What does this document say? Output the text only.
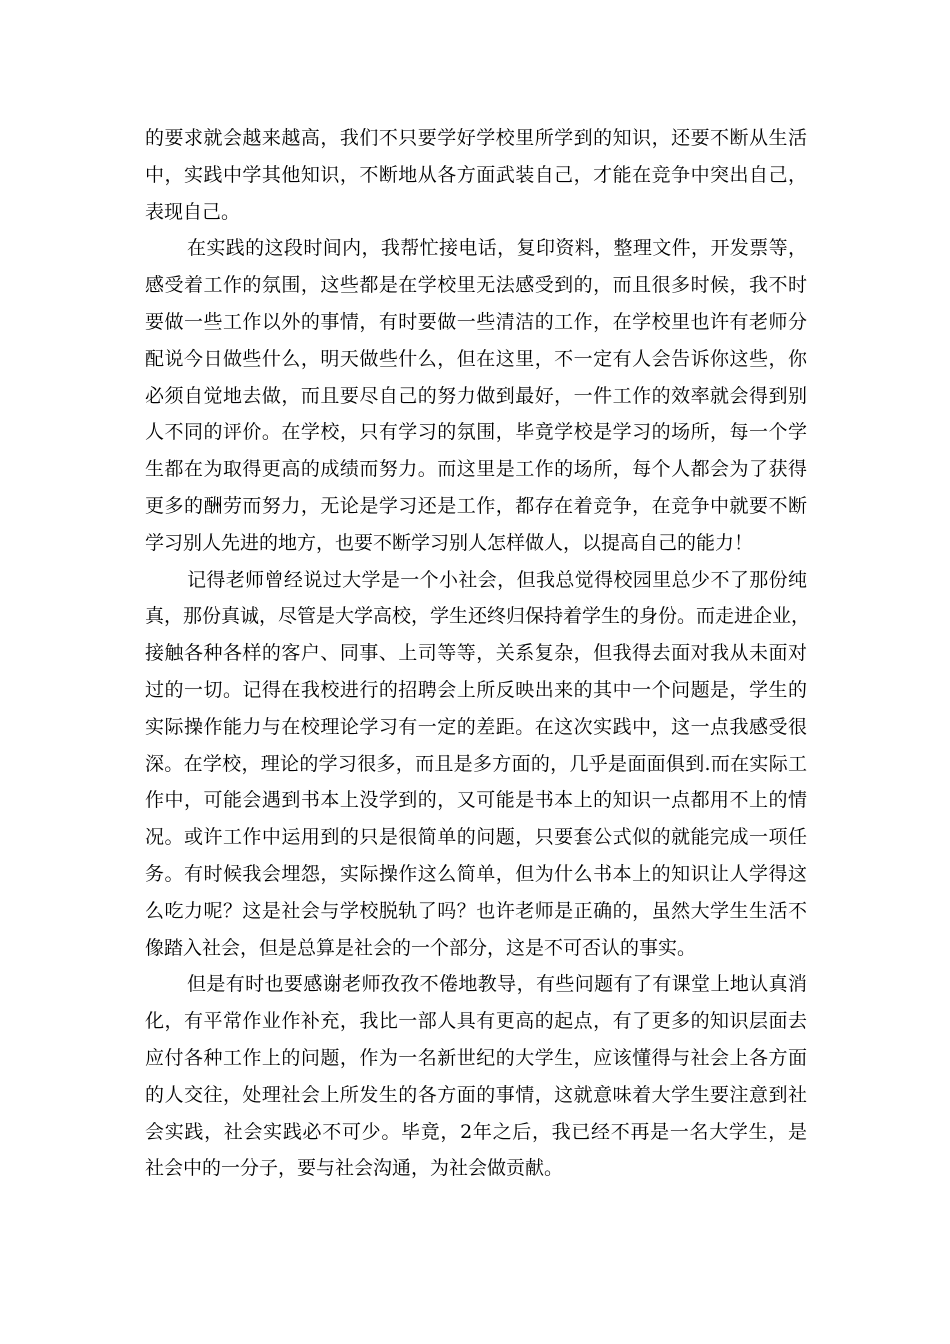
的要求就会越来越高，我们不只要学好学校里所学到的知识，还要不断从生活
中，实践中学其他知识，不断地从各方面武装自己，才能在竞争中突出自己，
表现自己。
在实践的这段时间内，我帮忙接电话，复印资料，整理文件，开发票等，
感受着工作的氛围，这些都是在学校里无法感受到的，而且很多时候，我不时
要做一些工作以外的事情，有时要做一些清洁的工作，在学校里也许有老师分
配说今日做些什么，明天做些什么，但在这里，不一定有人会告诉你这些，你
必须自觉地去做，而且要尽自己的努力做到最好，一件工作的效率就会得到别
人不同的评价。在学校，只有学习的氛围，毕竟学校是学习的场所，每一个学
生都在为取得更高的成绩而努力。而这里是工作的场所，每个人都会为了获得
更多的酬劳而努力，无论是学习还是工作，都存在着竞争，在竞争中就要不断
学习别人先进的地方，也要不断学习别人怎样做人，以提高自己的能力！
记得老师曾经说过大学是一个小社会，但我总觉得校园里总少不了那份纯
真，那份真诚，尽管是大学高校，学生还终归保持着学生的身份。而走进企业，
接触各种各样的客户、同事、上司等等，关系复杂，但我得去面对我从未面对
过的一切。记得在我校进行的招聘会上所反映出来的其中一个问题是，学生的
实际操作能力与在校理论学习有一定的差距。在这次实践中，这一点我感受很
深。在学校，理论的学习很多，而且是多方面的，几乎是面面俱到.而在实际工
作中，可能会遇到书本上没学到的，又可能是书本上的知识一点都用不上的情
况。或许工作中运用到的只是很简单的问题，只要套公式似的就能完成一项任
务。有时候我会埋怨，实际操作这么简单，但为什么书本上的知识让人学得这
么吃力呢？这是社会与学校脱轨了吗？也许老师是正确的，虽然大学生生活不
像踏入社会，但是总算是社会的一个部分，这是不可否认的事实。
但是有时也要感谢老师孜孜不倦地教导，有些问题有了有课堂上地认真消
化，有平常作业作补充，我比一部人具有更高的起点，有了更多的知识层面去
应付各种工作上的问题，作为一名新世纪的大学生，应该懂得与社会上各方面
的人交往，处理社会上所发生的各方面的事情，这就意味着大学生要注意到社
会实践，社会实践必不可少。毕竟，2年之后，我已经不再是一名大学生，是
社会中的一分子，要与社会沟通，为社会做贡献。
